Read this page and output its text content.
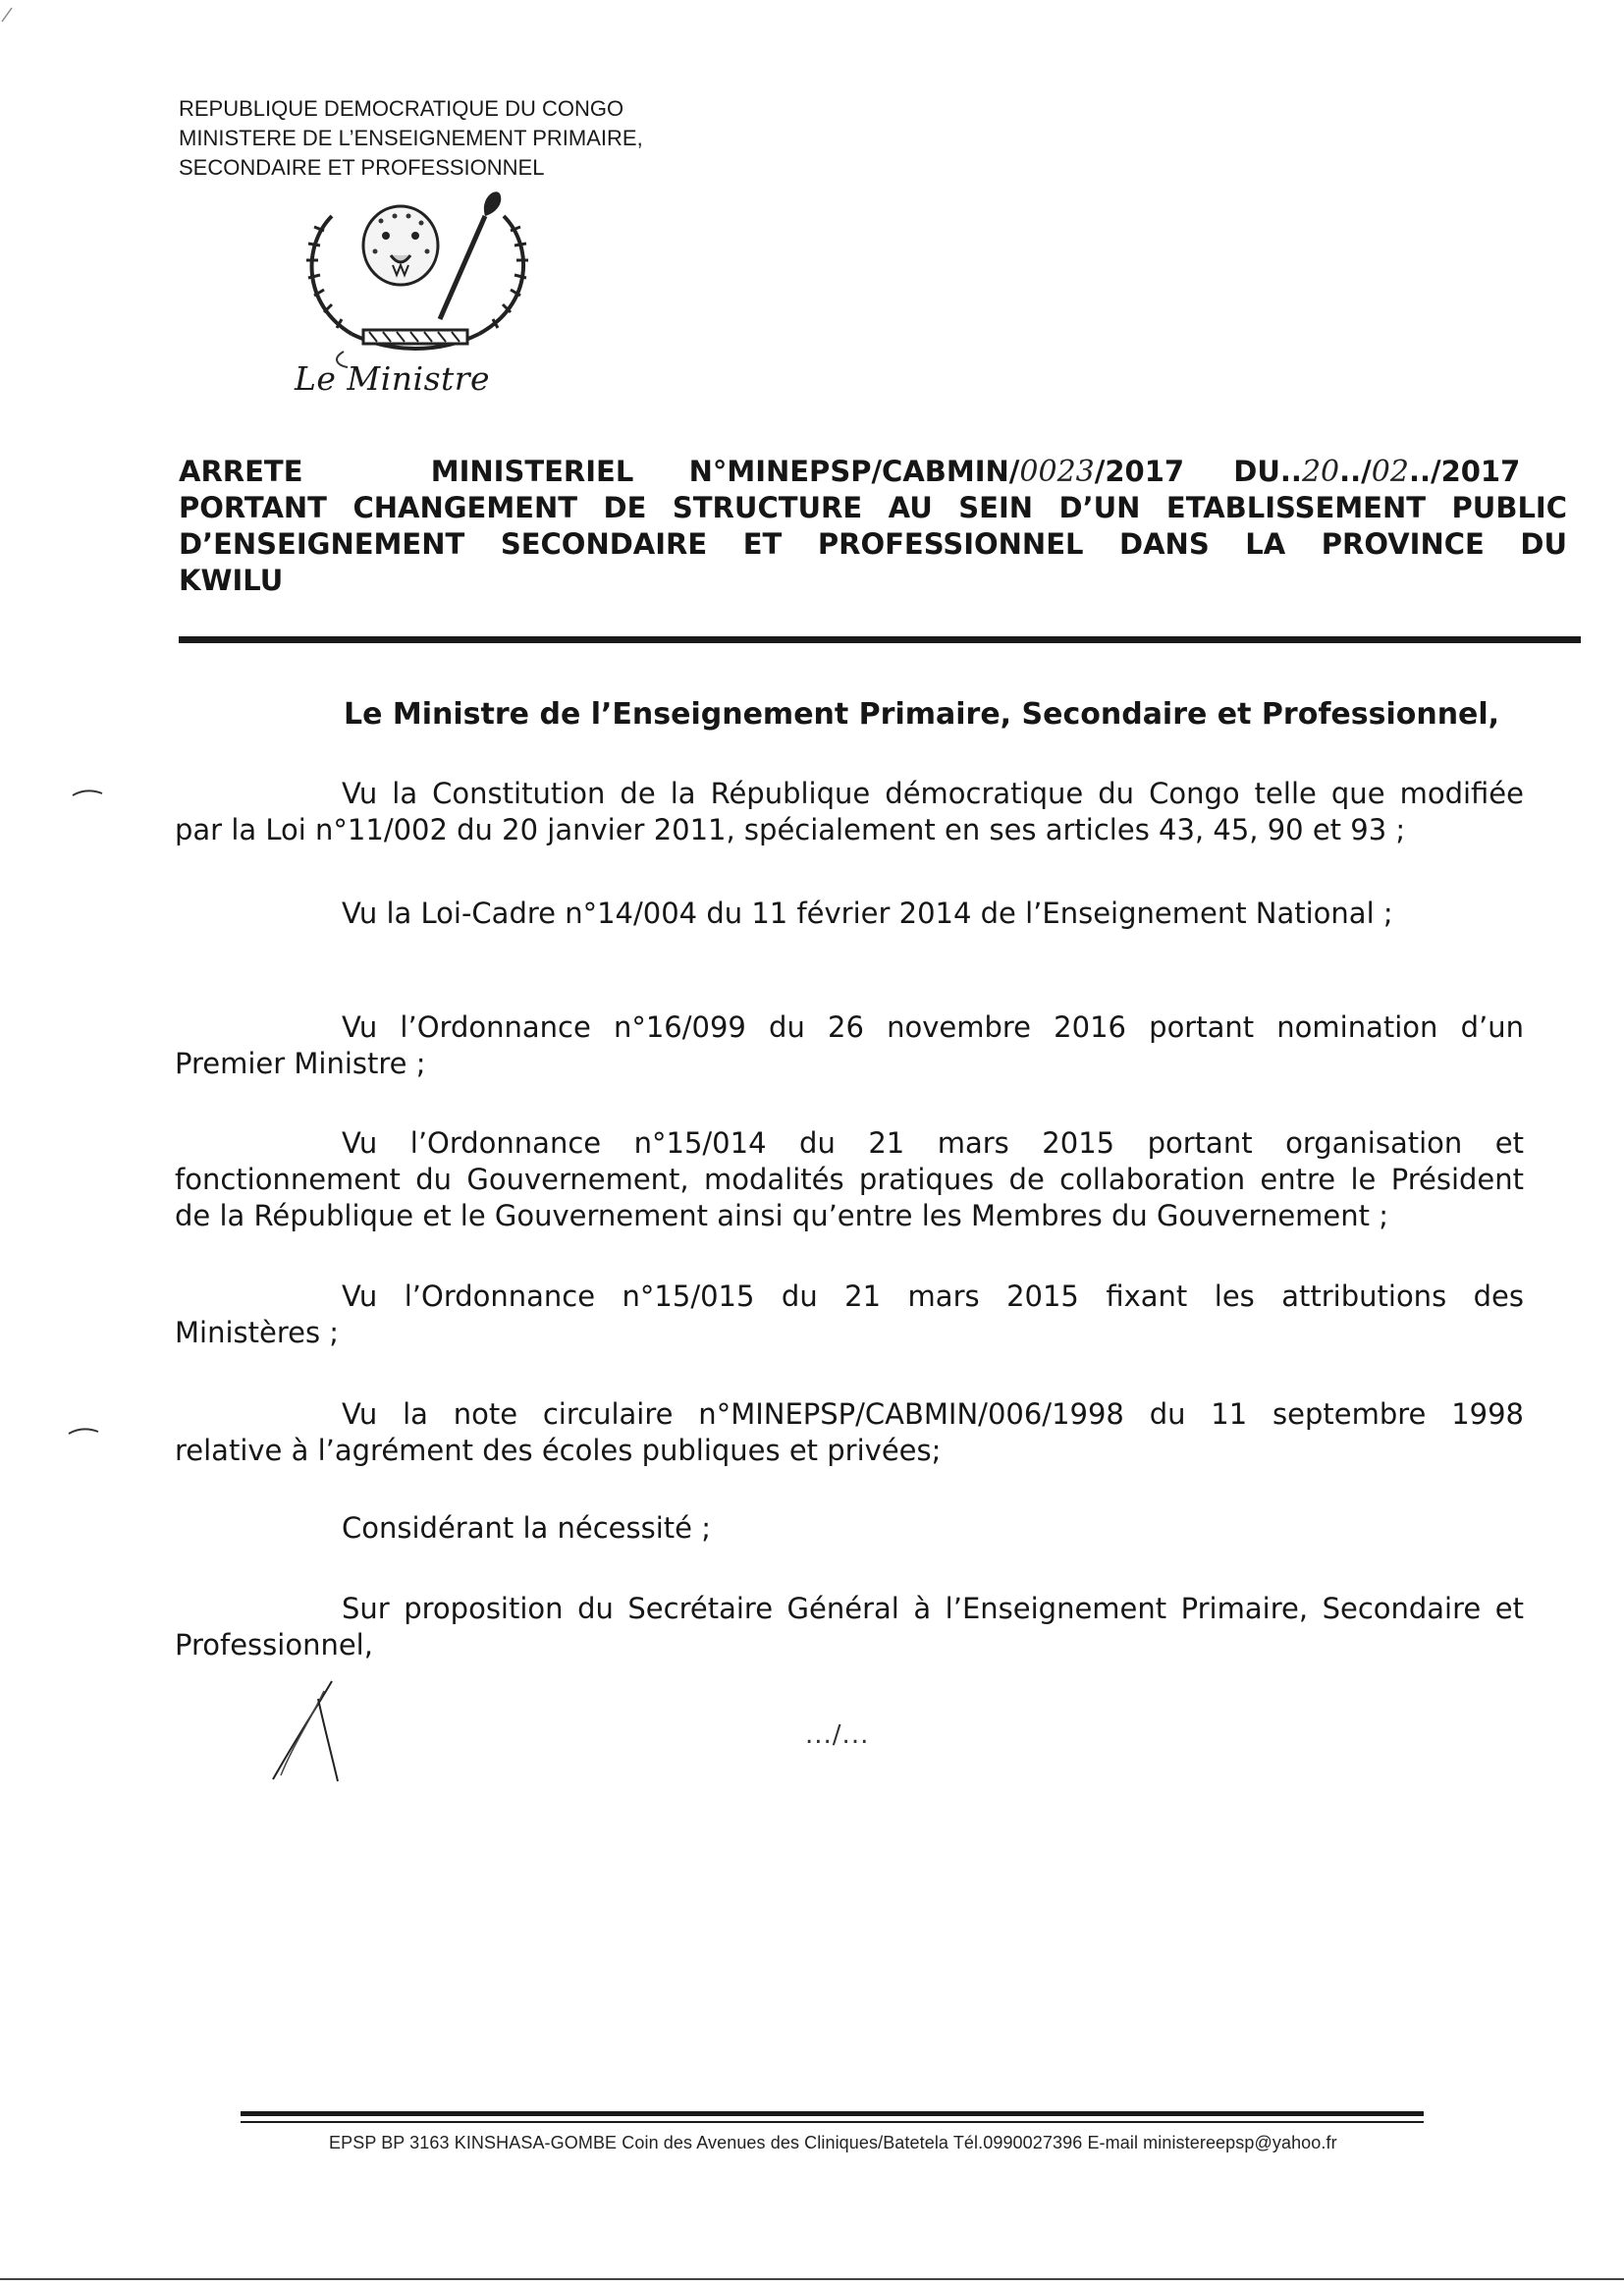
REPUBLIQUE DEMOCRATIQUE DU CONGO
MINISTERE DE L’ENSEIGNEMENT PRIMAIRE,
SECONDAIRE ET PROFESSIONNEL
Le Ministre
ARRETE	MINISTERIEL N°MINEPSP/CABMIN/0023/2017 DU..20../02../2017
PORTANT CHANGEMENT DE STRUCTURE AU SEIN D’UN ETABLISSEMENT PUBLIC
D’ENSEIGNEMENT SECONDAIRE ET PROFESSIONNEL DANS LA PROVINCE DU
KWILU
Le Ministre de l’Enseignement Primaire, Secondaire et Professionnel,
Vu la Constitution de la République démocratique du Congo telle que modifiée
par la Loi n°11/002 du 20 janvier 2011, spécialement en ses articles 43, 45, 90 et 93 ;
Vu la Loi-Cadre n°14/004 du 11 février 2014 de l’Enseignement National ;
Vu l’Ordonnance n°16/099 du 26 novembre 2016 portant nomination d’un
Premier Ministre ;
Vu l’Ordonnance n°15/014 du 21 mars 2015 portant organisation et
fonctionnement du Gouvernement, modalités pratiques de collaboration entre le Président
de la République et le Gouvernement ainsi qu’entre les Membres du Gouvernement ;
Vu l’Ordonnance n°15/015 du 21 mars 2015 fixant les attributions des
Ministères ;
Vu la note circulaire n°MINEPSP/CABMIN/006/1998 du 11 septembre 1998
relative à l’agrément des écoles publiques et privées;
Considérant la nécessité ;
Sur proposition du Secrétaire Général à l’Enseignement Primaire, Secondaire et
Professionnel,
.../...
EPSP BP 3163 KINSHASA-GOMBE Coin des Avenues des Cliniques/Batetela Tél.0990027396 E-mail ministereepsp@yahoo.fr
